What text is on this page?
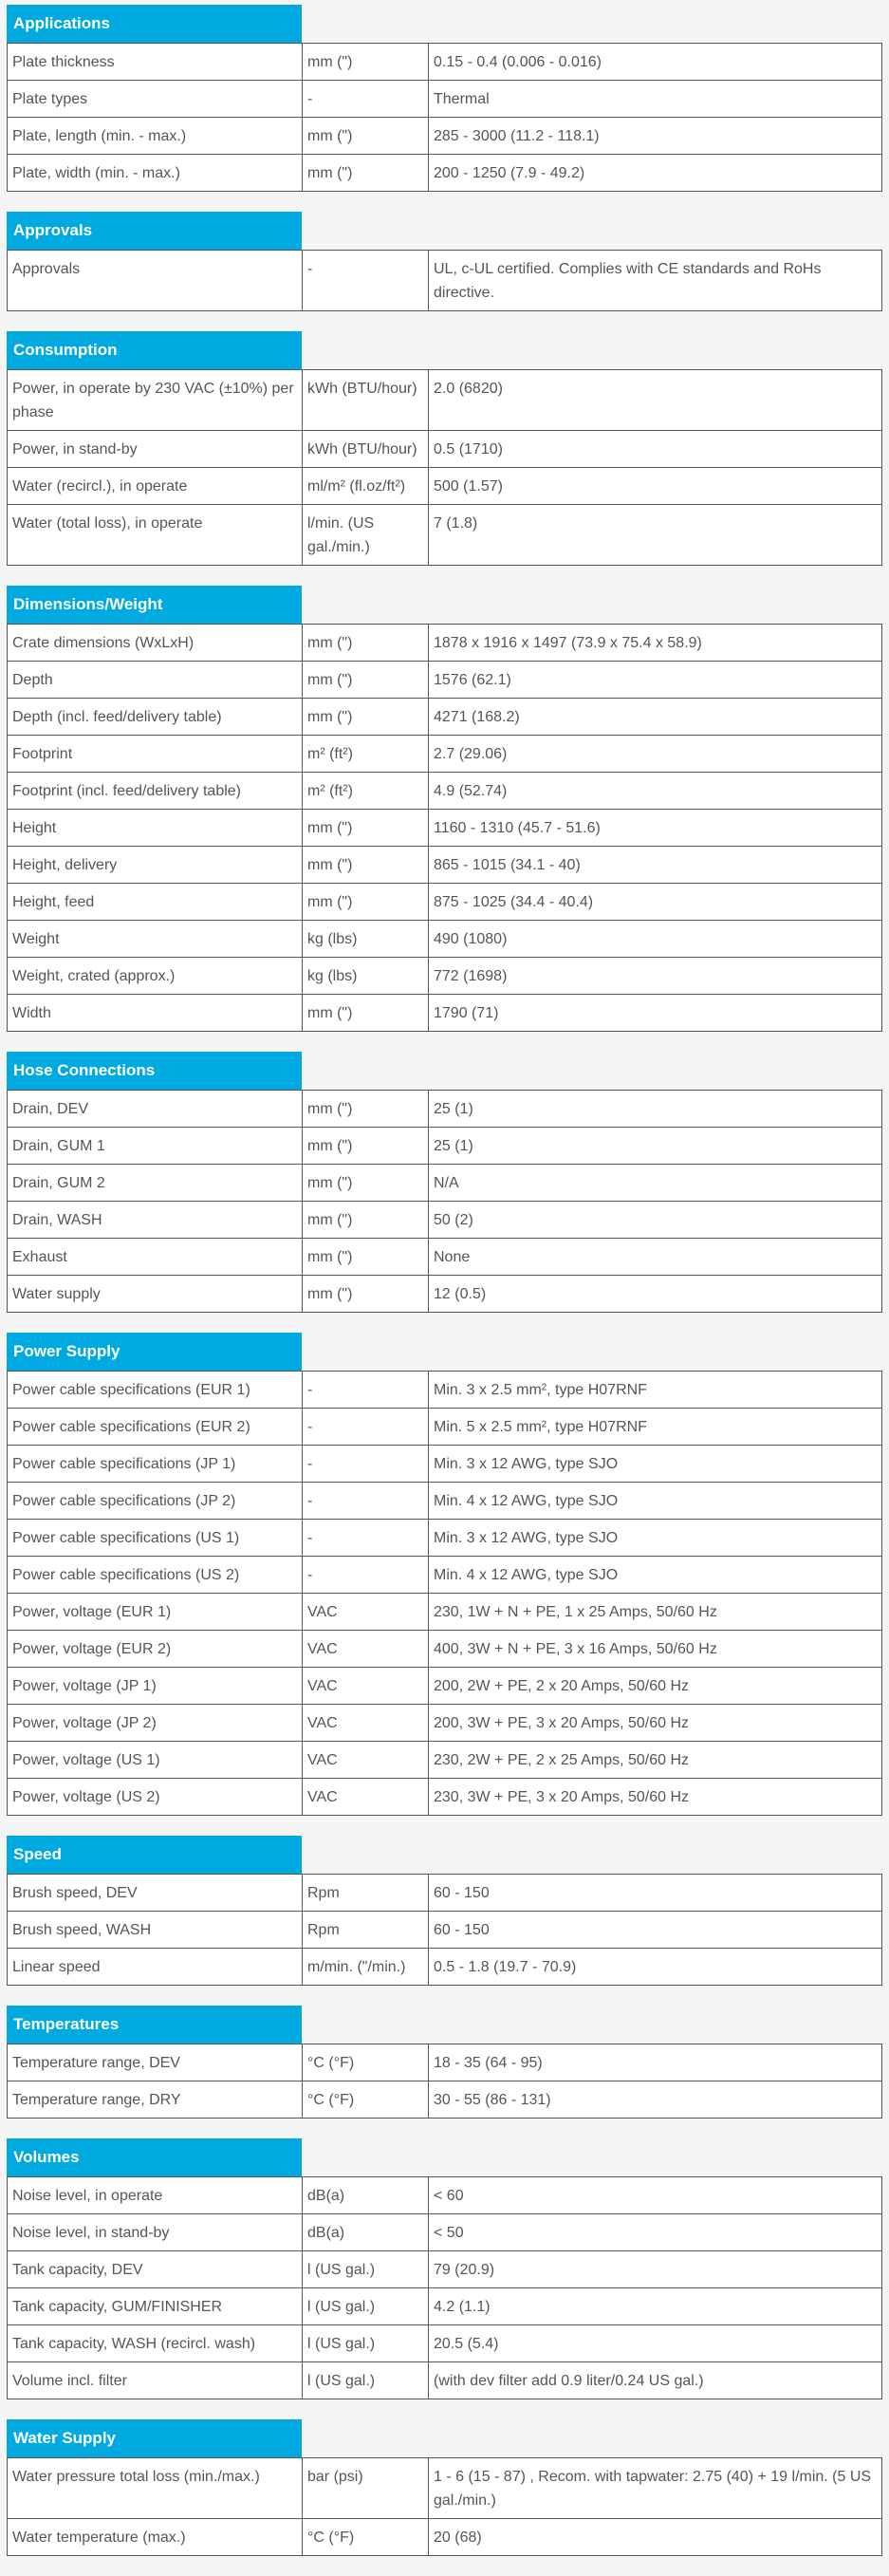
Applications
Plate thickness	mm (")	0.15 - 0.4 (0.006 - 0.016)
Plate types	-	Thermal
Plate, length (min. - max.)	mm (")	285 - 3000 (11.2 - 118.1)
Plate, width (min. - max.)	mm (")	200 - 1250 (7.9 - 49.2)
Approvals
Approvals	-	UL, c-UL certified. Complies with CE standards and RoHs directive.
Consumption
Power, in operate by 230 VAC (±10%) per phase	kWh (BTU/hour)	2.0 (6820)
Power, in stand-by	kWh (BTU/hour)	0.5 (1710)
Water (recircl.), in operate	ml/m² (fl.oz/ft²)	500 (1.57)
Water (total loss), in operate	l/min. (US gal./min.)	7 (1.8)
Dimensions/Weight
Crate dimensions (WxLxH)	mm (")	1878 x 1916 x 1497 (73.9 x 75.4 x 58.9)
Depth	mm (")	1576 (62.1)
Depth (incl. feed/delivery table)	mm (")	4271 (168.2)
Footprint	m² (ft²)	2.7 (29.06)
Footprint (incl. feed/delivery table)	m² (ft²)	4.9 (52.74)
Height	mm (")	1160 - 1310 (45.7 - 51.6)
Height, delivery	mm (")	865 - 1015 (34.1 - 40)
Height, feed	mm (")	875 - 1025 (34.4 - 40.4)
Weight	kg (lbs)	490 (1080)
Weight, crated (approx.)	kg (lbs)	772 (1698)
Width	mm (")	1790 (71)
Hose Connections
Drain, DEV	mm (")	25 (1)
Drain, GUM 1	mm (")	25 (1)
Drain, GUM 2	mm (")	N/A
Drain, WASH	mm (")	50 (2)
Exhaust	mm (")	None
Water supply	mm (")	12 (0.5)
Power Supply
Power cable specifications (EUR 1)	-	Min. 3 x 2.5 mm², type H07RNF
Power cable specifications (EUR 2)	-	Min. 5 x 2.5 mm², type H07RNF
Power cable specifications (JP 1)	-	Min. 3 x 12 AWG, type SJO
Power cable specifications (JP 2)	-	Min. 4 x 12 AWG, type SJO
Power cable specifications (US 1)	-	Min. 3 x 12 AWG, type SJO
Power cable specifications (US 2)	-	Min. 4 x 12 AWG, type SJO
Power, voltage (EUR 1)	VAC	230, 1W + N + PE, 1 x 25 Amps, 50/60 Hz
Power, voltage (EUR 2)	VAC	400, 3W + N + PE, 3 x 16 Amps, 50/60 Hz
Power, voltage (JP 1)	VAC	200, 2W + PE, 2 x 20 Amps, 50/60 Hz
Power, voltage (JP 2)	VAC	200, 3W + PE, 3 x 20 Amps, 50/60 Hz
Power, voltage (US 1)	VAC	230, 2W + PE, 2 x 25 Amps, 50/60 Hz
Power, voltage (US 2)	VAC	230, 3W + PE, 3 x 20 Amps, 50/60 Hz
Speed
Brush speed, DEV	Rpm	60 - 150
Brush speed, WASH	Rpm	60 - 150
Linear speed	m/min. ("/min.)	0.5 - 1.8 (19.7 - 70.9)
Temperatures
Temperature range, DEV	°C (°F)	18 - 35 (64 - 95)
Temperature range, DRY	°C (°F)	30 - 55 (86 - 131)
Volumes
Noise level, in operate	dB(a)	< 60
Noise level, in stand-by	dB(a)	< 50
Tank capacity, DEV	l (US gal.)	79 (20.9)
Tank capacity, GUM/FINISHER	l (US gal.)	4.2 (1.1)
Tank capacity, WASH (recircl. wash)	l (US gal.)	20.5 (5.4)
Volume incl. filter	l (US gal.)	(with dev filter add 0.9 liter/0.24 US gal.)
Water Supply
Water pressure total loss (min./max.)	bar (psi)	1 - 6 (15 - 87) , Recom. with tapwater: 2.75 (40) + 19 l/min. (5 US gal./min.)
Water temperature (max.)	°C (°F)	20 (68)
